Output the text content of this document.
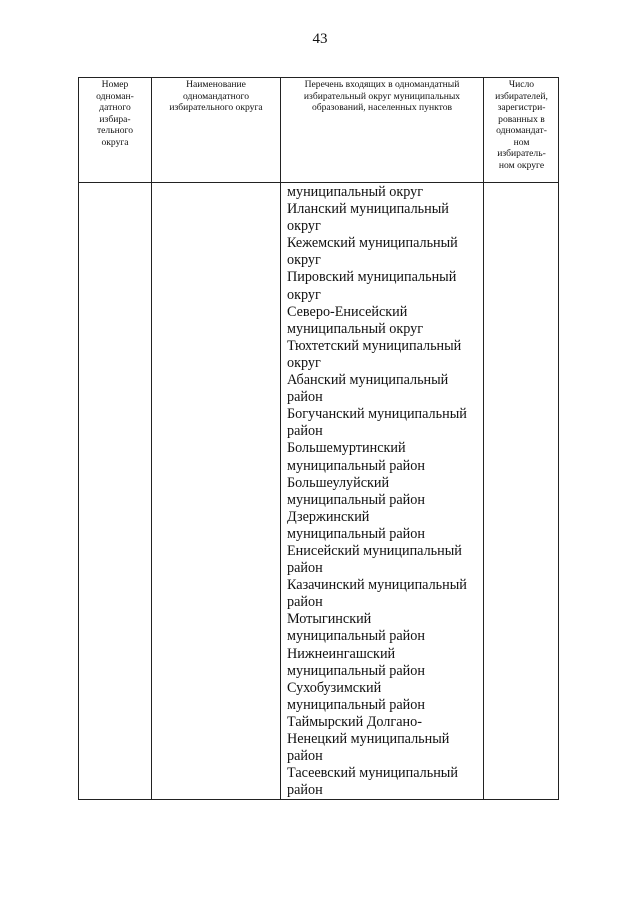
43
Номер
одноман-
датного
избира-
тельного
округа
Наименование
одномандатного
избирательного округа
Перечень входящих в одномандатный
избирательный округ муниципальных
образований, населенных пунктов
Число
избирателей,
зарегистри-
рованных в
одномандат-
ном
избиратель-
ном округе
муниципальный округ
Иланский муниципальный
округ
Кежемский муниципальный
округ
Пировский муниципальный
округ
Северо-Енисейский
муниципальный округ
Тюхтетский муниципальный
округ
Абанский муниципальный
район
Богучанский муниципальный
район
Большемуртинский
муниципальный район
Большеулуйский
муниципальный район
Дзержинский
муниципальный район
Енисейский муниципальный
район
Казачинский муниципальный
район
Мотыгинский
муниципальный район
Нижнеингашский
муниципальный район
Сухобузимский
муниципальный район
Таймырский Долгано-
Ненецкий муниципальный
район
Тасеевский муниципальный
район
